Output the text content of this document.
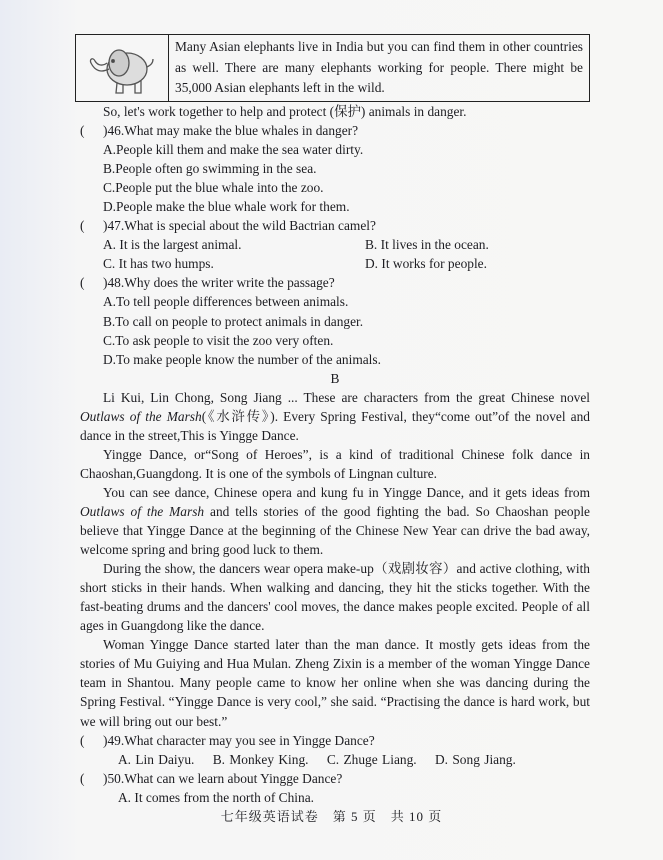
Many Asian elephants live in India but you can find them in other countries as well. There are many elephants working for people. There might be 35,000 Asian elephants left in the wild.
So, let's work together to help and protect (保护) animals in danger.
(	)46. What may make the blue whales in danger?
A.People kill them and make the sea water dirty.
B.People often go swimming in the sea.
C.People put the blue whale into the zoo.
D.People make the blue whale work for them.
(	)47. What is special about the wild Bactrian camel?
A. It is the largest animal.	B. It lives in the ocean.
C. It has two humps.	D. It works for people.
(	)48. Why does the writer write the passage?
A.To tell people differences between animals.
B.To call on people to protect animals in danger.
C.To ask people to visit the zoo very often.
D.To make people know the number of the animals.
B

Li Kui, Lin Chong, Song Jiang ... These are characters from the great Chinese novel Outlaws of the Marsh(《水浒传》). Every Spring Festival, they“come out”of the novel and dance in the street,This is Yingge Dance.

Yingge Dance, or“Song of Heroes”, is a kind of traditional Chinese folk dance in Chaoshan,Guangdong. It is one of the symbols of Lingnan culture.

You can see dance, Chinese opera and kung fu in Yingge Dance, and it gets ideas from Outlaws of the Marsh and tells stories of the good fighting the bad. So Chaoshan people believe that Yingge Dance at the beginning of the Chinese New Year can drive the bad away, welcome spring and bring good luck to them.

During the show, the dancers wear opera make-up（戏剧妆容）and active clothing, with short sticks in their hands. When walking and dancing, they hit the sticks together. With the fast-beating drums and the dancers' cool moves, the dance makes people excited. People of all ages in Guangdong like the dance.

Woman Yingge Dance started later than the man dance. It mostly gets ideas from the stories of Mu Guiying and Hua Mulan. Zheng Zixin is a member of the woman Yingge Dance team in Shantou. Many people came to know her online when she was dancing during the Spring Festival. “Yingge Dance is very cool,” she said. “Practising the dance is hard work, but we will bring out our best.”

(	)49. What character may you see in Yingge Dance?
A. Lin Daiyu. B. Monkey King. C. Zhuge Liang. D. Song Jiang.
(	)50. What can we learn about Yingge Dance?
A. It comes from the north of China.
七年级英语试卷　第 5 页　共 10 页
